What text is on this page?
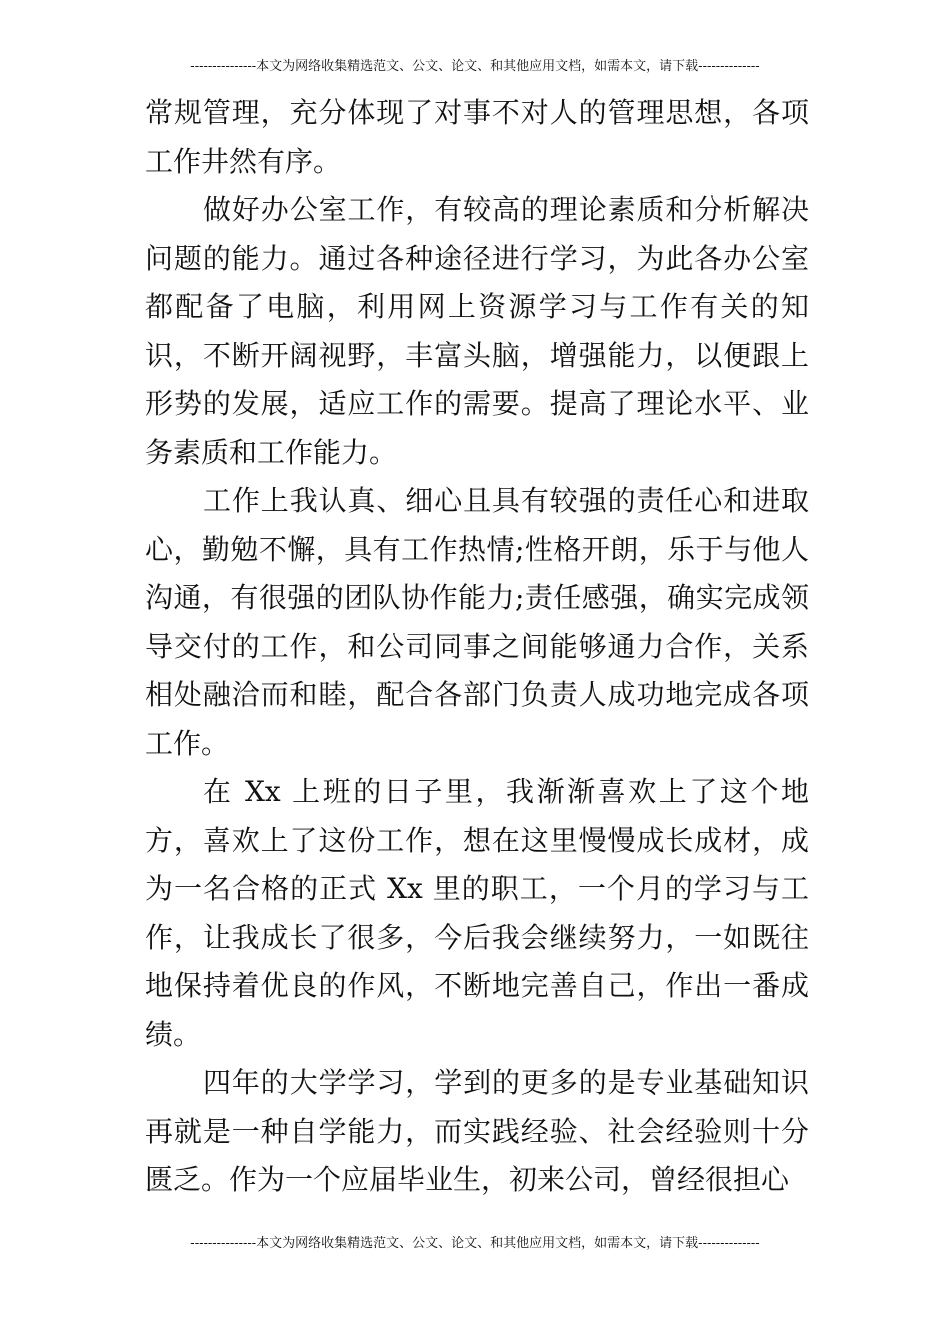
---------------本文为网络收集精选范文、公文、论文、和其他应用文档，如需本文，请下载--------------

常规管理，充分体现了对事不对人的管理思想，各项工作井然有序。

做好办公室工作，有较高的理论素质和分析解决问题的能力。通过各种途径进行学习，为此各办公室都配备了电脑，利用网上资源学习与工作有关的知识，不断开阔视野，丰富头脑，增强能力，以便跟上形势的发展，适应工作的需要。提高了理论水平、业务素质和工作能力。

工作上我认真、细心且具有较强的责任心和进取心，勤勉不懈，具有工作热情;性格开朗，乐于与他人沟通，有很强的团队协作能力;责任感强，确实完成领导交付的工作，和公司同事之间能够通力合作，关系相处融洽而和睦，配合各部门负责人成功地完成各项工作。

在 Xx 上班的日子里，我渐渐喜欢上了这个地方，喜欢上了这份工作，想在这里慢慢成长成材，成为一名合格的正式 Xx 里的职工，一个月的学习与工作，让我成长了很多，今后我会继续努力，一如既往地保持着优良的作风，不断地完善自己，作出一番成绩。

四年的大学学习，学到的更多的是专业基础知识再就是一种自学能力，而实践经验、社会经验则十分匮乏。作为一个应届毕业生，初来公司，曾经很担心

---------------本文为网络收集精选范文、公文、论文、和其他应用文档，如需本文，请下载--------------
